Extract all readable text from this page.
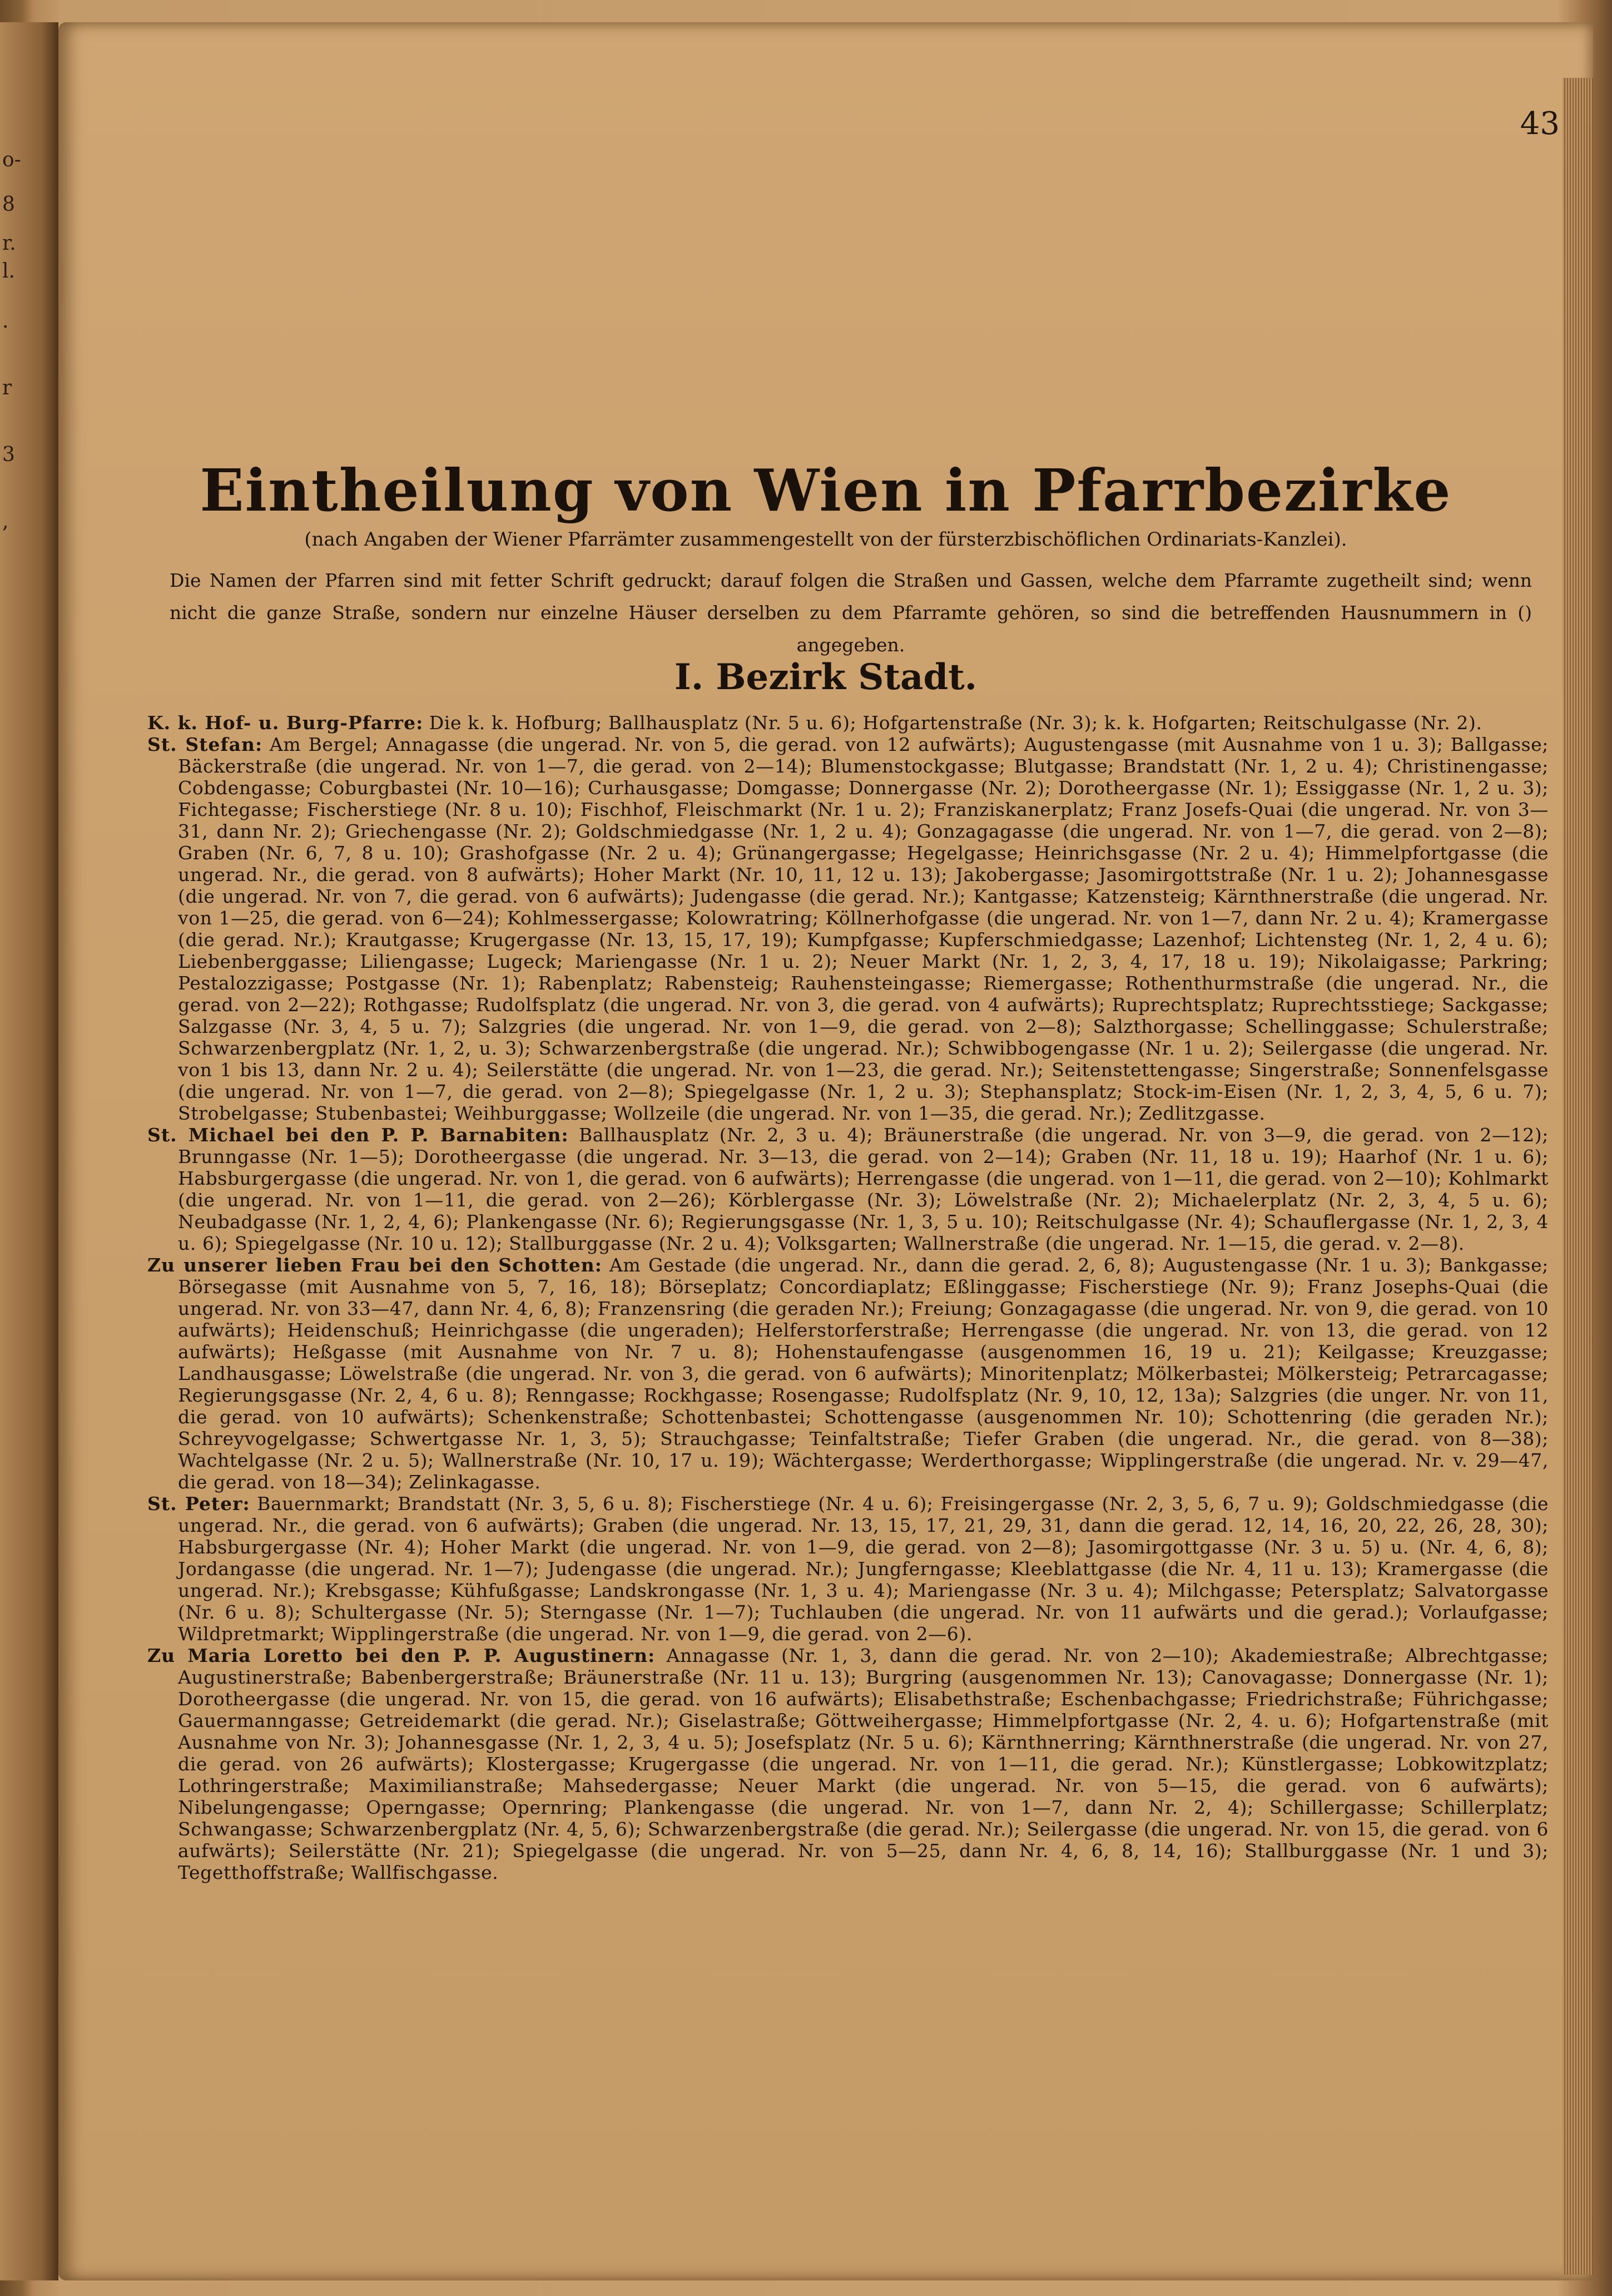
o-
8
r.
l.
.
r
3
,
43
Eintheilung von Wien in Pfarrbezirke
(nach Angaben der Wiener Pfarrämter zusammengestellt von der fürsterzbischöflichen Ordinariats-Kanzlei).
Die Namen der Pfarren sind mit fetter Schrift gedruckt; darauf folgen die Straßen und Gassen, welche dem Pfarramte zugetheilt sind; wenn nicht die ganze Straße, sondern nur einzelne Häuser derselben zu dem Pfarramte gehören, so sind die betreffenden Hausnummern in () angegeben.
I. Bezirk Stadt.

K. k. Hof- u. Burg-Pfarre: Die k. k. Hofburg; Ballhausplatz (Nr. 5 u. 6); Hofgartenstraße (Nr. 3); k. k. Hofgarten; Reitschulgasse (Nr. 2).

St. Stefan: Am Bergel; Annagasse (die ungerad. Nr. von 5, die gerad. von 12 aufwärts); Augustengasse (mit Ausnahme von 1 u. 3); Ballgasse; Bäckerstraße (die ungerad. Nr. von 1—7, die gerad. von 2—14); Blumenstockgasse; Blutgasse; Brandstatt (Nr. 1, 2 u. 4); Christinengasse; Cobdengasse; Coburgbastei (Nr. 10—16); Curhausgasse; Domgasse; Donnergasse (Nr. 2); Dorotheergasse (Nr. 1); Essiggasse (Nr. 1, 2 u. 3); Fichtegasse; Fischerstiege (Nr. 8 u. 10); Fischhof, Fleischmarkt (Nr. 1 u. 2); Franziskanerplatz; Franz Josefs-Quai (die ungerad. Nr. von 3—31, dann Nr. 2); Griechengasse (Nr. 2); Goldschmiedgasse (Nr. 1, 2 u. 4); Gonzagagasse (die ungerad. Nr. von 1—7, die gerad. von 2—8); Graben (Nr. 6, 7, 8 u. 10); Grashofgasse (Nr. 2 u. 4); Grünangergasse; Hegelgasse; Heinrichsgasse (Nr. 2 u. 4); Himmelpfortgasse (die ungerad. Nr., die gerad. von 8 aufwärts); Hoher Markt (Nr. 10, 11, 12 u. 13); Jakobergasse; Jasomirgottstraße (Nr. 1 u. 2); Johannesgasse (die ungerad. Nr. von 7, die gerad. von 6 aufwärts); Judengasse (die gerad. Nr.); Kantgasse; Katzensteig; Kärnthnerstraße (die ungerad. Nr. von 1—25, die gerad. von 6—24); Kohlmessergasse; Kolowratring; Köllnerhofgasse (die ungerad. Nr. von 1—7, dann Nr. 2 u. 4); Kramergasse (die gerad. Nr.); Krautgasse; Krugergasse (Nr. 13, 15, 17, 19); Kumpfgasse; Kupferschmiedgasse; Lazenhof; Lichtensteg (Nr. 1, 2, 4 u. 6); Liebenberggasse; Liliengasse; Lugeck; Mariengasse (Nr. 1 u. 2); Neuer Markt (Nr. 1, 2, 3, 4, 17, 18 u. 19); Nikolaigasse; Parkring; Pestalozzigasse; Postgasse (Nr. 1); Rabenplatz; Rabensteig; Rauhensteingasse; Riemergasse; Rothenthurmstraße (die ungerad. Nr., die gerad. von 2—22); Rothgasse; Rudolfsplatz (die ungerad. Nr. von 3, die gerad. von 4 aufwärts); Ruprechtsplatz; Ruprechtsstiege; Sackgasse; Salzgasse (Nr. 3, 4, 5 u. 7); Salzgries (die ungerad. Nr. von 1—9, die gerad. von 2—8); Salzthorgasse; Schellinggasse; Schulerstraße; Schwarzenbergplatz (Nr. 1, 2, u. 3); Schwarzenbergstraße (die ungerad. Nr.); Schwibbogengasse (Nr. 1 u. 2); Seilergasse (die ungerad. Nr. von 1 bis 13, dann Nr. 2 u. 4); Seilerstätte (die ungerad. Nr. von 1—23, die gerad. Nr.); Seitenstettengasse; Singerstraße; Sonnenfelsgasse (die ungerad. Nr. von 1—7, die gerad. von 2—8); Spiegelgasse (Nr. 1, 2 u. 3); Stephansplatz; Stock-im-Eisen (Nr. 1, 2, 3, 4, 5, 6 u. 7); Strobelgasse; Stubenbastei; Weihburggasse; Wollzeile (die ungerad. Nr. von 1—35, die gerad. Nr.); Zedlitzgasse.

St. Michael bei den P. P. Barnabiten: Ballhausplatz (Nr. 2, 3 u. 4); Bräunerstraße (die ungerad. Nr. von 3—9, die gerad. von 2—12); Brunngasse (Nr. 1—5); Dorotheergasse (die ungerad. Nr. 3—13, die gerad. von 2—14); Graben (Nr. 11, 18 u. 19); Haarhof (Nr. 1 u. 6); Habsburgergasse (die ungerad. Nr. von 1, die gerad. von 6 aufwärts); Herrengasse (die ungerad. von 1—11, die gerad. von 2—10); Kohlmarkt (die ungerad. Nr. von 1—11, die gerad. von 2—26); Körblergasse (Nr. 3); Löwelstraße (Nr. 2); Michaelerplatz (Nr. 2, 3, 4, 5 u. 6); Neubadgasse (Nr. 1, 2, 4, 6); Plankengasse (Nr. 6); Regierungsgasse (Nr. 1, 3, 5 u. 10); Reitschulgasse (Nr. 4); Schauflergasse (Nr. 1, 2, 3, 4 u. 6); Spiegelgasse (Nr. 10 u. 12); Stallburggasse (Nr. 2 u. 4); Volksgarten; Wallnerstraße (die ungerad. Nr. 1—15, die gerad. v. 2—8).

Zu unserer lieben Frau bei den Schotten: Am Gestade (die ungerad. Nr., dann die gerad. 2, 6, 8); Augustengasse (Nr. 1 u. 3); Bankgasse; Börsegasse (mit Ausnahme von 5, 7, 16, 18); Börseplatz; Concordiaplatz; Eßlinggasse; Fischerstiege (Nr. 9); Franz Josephs-Quai (die ungerad. Nr. von 33—47, dann Nr. 4, 6, 8); Franzensring (die geraden Nr.); Freiung; Gonzagagasse (die ungerad. Nr. von 9, die gerad. von 10 aufwärts); Heidenschuß; Heinrichgasse (die ungeraden); Helferstorferstraße; Herrengasse (die ungerad. Nr. von 13, die gerad. von 12 aufwärts); Heßgasse (mit Ausnahme von Nr. 7 u. 8); Hohenstaufengasse (ausgenommen 16, 19 u. 21); Keilgasse; Kreuzgasse; Landhausgasse; Löwelstraße (die ungerad. Nr. von 3, die gerad. von 6 aufwärts); Minoritenplatz; Mölkerbastei; Mölkersteig; Petrarcagasse; Regierungsgasse (Nr. 2, 4, 6 u. 8); Renngasse; Rockhgasse; Rosengasse; Rudolfsplatz (Nr. 9, 10, 12, 13a); Salzgries (die unger. Nr. von 11, die gerad. von 10 aufwärts); Schenkenstraße; Schottenbastei; Schottengasse (ausgenommen Nr. 10); Schottenring (die geraden Nr.); Schreyvogelgasse; Schwertgasse Nr. 1, 3, 5); Strauchgasse; Teinfaltstraße; Tiefer Graben (die ungerad. Nr., die gerad. von 8—38); Wachtelgasse (Nr. 2 u. 5); Wallnerstraße (Nr. 10, 17 u. 19); Wächtergasse; Werderthorgasse; Wipplingerstraße (die ungerad. Nr. v. 29—47, die gerad. von 18—34); Zelinkagasse.

St. Peter: Bauernmarkt; Brandstatt (Nr. 3, 5, 6 u. 8); Fischerstiege (Nr. 4 u. 6); Freisingergasse (Nr. 2, 3, 5, 6, 7 u. 9); Goldschmiedgasse (die ungerad. Nr., die gerad. von 6 aufwärts); Graben (die ungerad. Nr. 13, 15, 17, 21, 29, 31, dann die gerad. 12, 14, 16, 20, 22, 26, 28, 30); Habsburgergasse (Nr. 4); Hoher Markt (die ungerad. Nr. von 1—9, die gerad. von 2—8); Jasomirgottgasse (Nr. 3 u. 5) u. (Nr. 4, 6, 8); Jordangasse (die ungerad. Nr. 1—7); Judengasse (die ungerad. Nr.); Jungferngasse; Kleeblattgasse (die Nr. 4, 11 u. 13); Kramergasse (die ungerad. Nr.); Krebsgasse; Kühfußgasse; Landskrongasse (Nr. 1, 3 u. 4); Mariengasse (Nr. 3 u. 4); Milchgasse; Petersplatz; Salvatorgasse (Nr. 6 u. 8); Schultergasse (Nr. 5); Sterngasse (Nr. 1—7); Tuchlauben (die ungerad. Nr. von 11 aufwärts und die gerad.); Vorlaufgasse; Wildpretmarkt; Wipplingerstraße (die ungerad. Nr. von 1—9, die gerad. von 2—6).

Zu Maria Loretto bei den P. P. Augustinern: Annagasse (Nr. 1, 3, dann die gerad. Nr. von 2—10); Akademiestraße; Albrechtgasse; Augustinerstraße; Babenbergerstraße; Bräunerstraße (Nr. 11 u. 13); Burgring (ausgenommen Nr. 13); Canovagasse; Donnergasse (Nr. 1); Dorotheergasse (die ungerad. Nr. von 15, die gerad. von 16 aufwärts); Elisabethstraße; Eschenbachgasse; Friedrichstraße; Führichgasse; Gauermanngasse; Getreidemarkt (die gerad. Nr.); Giselastraße; Göttweihergasse; Himmelpfortgasse (Nr. 2, 4. u. 6); Hofgartenstraße (mit Ausnahme von Nr. 3); Johannesgasse (Nr. 1, 2, 3, 4 u. 5); Josefsplatz (Nr. 5 u. 6); Kärnthnerring; Kärnthnerstraße (die ungerad. Nr. von 27, die gerad. von 26 aufwärts); Klostergasse; Krugergasse (die ungerad. Nr. von 1—11, die gerad. Nr.); Künstlergasse; Lobkowitzplatz; Lothringerstraße; Maximilianstraße; Mahsedergasse; Neuer Markt (die ungerad. Nr. von 5—15, die gerad. von 6 aufwärts); Nibelungengasse; Operngasse; Opernring; Plankengasse (die ungerad. Nr. von 1—7, dann Nr. 2, 4); Schillergasse; Schillerplatz; Schwangasse; Schwarzenbergplatz (Nr. 4, 5, 6); Schwarzenbergstraße (die gerad. Nr.); Seilergasse (die ungerad. Nr. von 15, die gerad. von 6 aufwärts); Seilerstätte (Nr. 21); Spiegelgasse (die ungerad. Nr. von 5—25, dann Nr. 4, 6, 8, 14, 16); Stallburggasse (Nr. 1 und 3); Tegetthoffstraße; Wallfischgasse.
